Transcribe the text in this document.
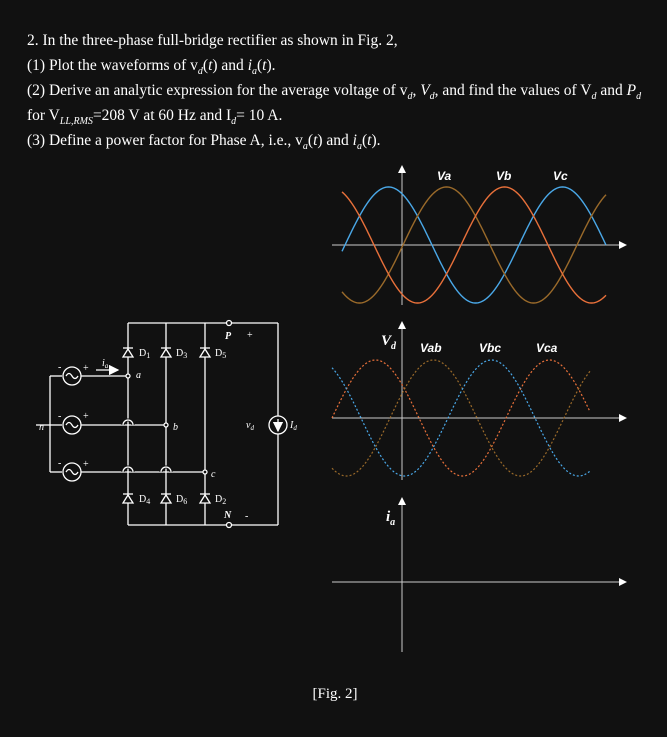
2. In the three-phase full-bridge rectifier as shown in Fig. 2,

(1) Plot the waveforms of $v_d(t)$ and $i_a(t)$.

(2) Derive an analytic expression for the average voltage of $v_d$, $V_d$, and find the values of $V_d$ and $P_d$ for $V_{LL,RMS}=208$ V at 60 Hz and $I_d= 10$ A.

(3) Define a power factor for Phase A, i.e., $v_a(t)$ and $i_a(t)$.

Va	Vb	Vc
$V_d$ Vab	Vbc	Vca
$i_a$
$D_1$	$D_3$	$D_5$
$D_4$	$D_6$	$D_2$
P +
N -
a
b
c
n
$i_a$
$v_d$	$I_d$
+
+
+
-
-
-
[Fig. 2]
